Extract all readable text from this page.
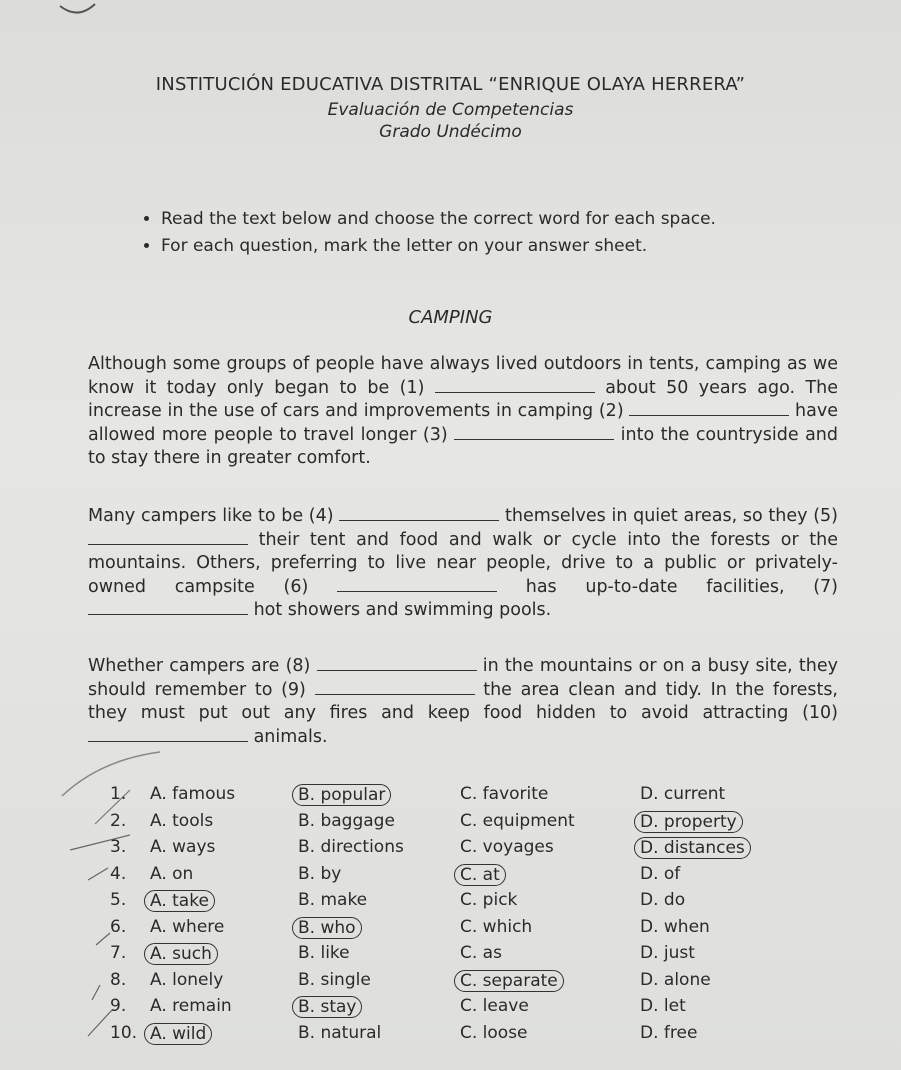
INSTITUCIÓN EDUCATIVA DISTRITAL “ENRIQUE OLAYA HERRERA”
Evaluación de Competencias
Grado Undécimo
• Read the text below and choose the correct word for each space.
• For each question, mark the letter on your answer sheet.
CAMPING

Although some groups of people have always lived outdoors in tents, camping as we know it today only began to be (1)	about 50 years ago. The increase in the use of cars and improvements in camping (2)	have allowed more people to travel longer (3)	into the countryside and to stay there in greater comfort.

Many campers like to be (4)	themselves in quiet areas, so they (5)  their tent and food and walk or cycle into the forests or the mountains. Others, preferring to live near people, drive to a public or privately-owned campsite (6)	has up-to-date facilities, (7)  hot showers and swimming pools.

Whether campers are (8)	in the mountains or on a busy site, they should remember to (9)	the area clean and tidy. In the forests, they must put out any fires and keep food hidden to avoid attracting (10)  animals.

1. A. famous	B. popular	C. favorite	D. current
2. A. tools	B. baggage	C. equipment	D. property
3. A. ways	B. directions	C. voyages	D. distances
4. A. on	B. by	C. at	D. of
5.	A. take	B. make	C. pick	D. do
6. A. where	B. who	C. which	D. when
7.	A. such	B. like	C. as	D. just
8. A. lonely	B. single	C. separate	D. alone
9. A. remain	B. stay	C. leave	D. let
10. A. wild	B. natural	C. loose	D. free
